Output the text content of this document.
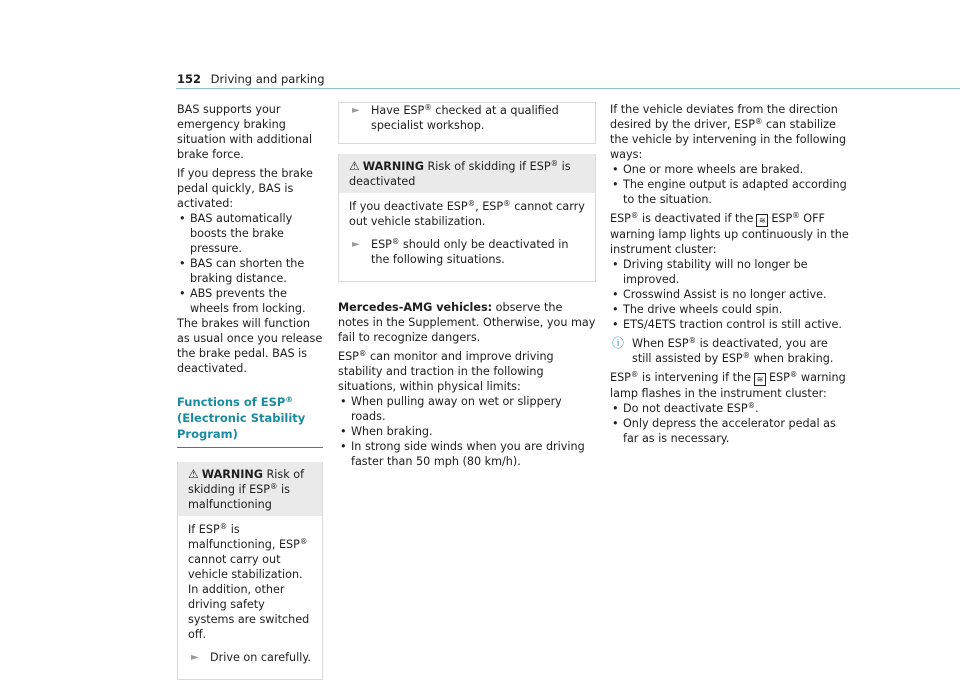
152 Driving and parking

BAS supports your emergency braking situation with additional brake force.

If you depress the brake pedal quickly, BAS is activated:

• BAS automatically boosts the brake pressure.
• BAS can shorten the braking distance.
• ABS prevents the wheels from locking.

The brakes will function as usual once you release the brake pedal. BAS is deactivated.

Functions of ESP® (Electronic Stability Program)
⚠ WARNING Risk of skidding if ESP® is malfunctioning

If ESP® is malfunctioning, ESP® cannot carry out vehicle stabilization. In addition, other driving safety systems are switched off.

► Drive on carefully.
► Have ESP® checked at a qualified specialist workshop.
⚠ WARNING Risk of skidding if ESP® is deactivated

If you deactivate ESP®, ESP® cannot carry out vehicle stabilization.

► ESP® should only be deactivated in the following situations.

Mercedes-AMG vehicles: observe the notes in the Supplement. Otherwise, you may fail to recognize dangers.

ESP® can monitor and improve driving stability and traction in the following situations, within physical limits:

• When pulling away on wet or slippery roads.
• When braking.
• In strong side winds when you are driving faster than 50 mph (80 km/h).

If the vehicle deviates from the direction desired by the driver, ESP® can stabilize the vehicle by intervening in the following ways:

• One or more wheels are braked.
• The engine output is adapted according to the situation.

ESP® is deactivated if the ≋ ESP® OFF warning lamp lights up continuously in the instrument cluster:

• Driving stability will no longer be improved.
• Crosswind Assist is no longer active.
• The drive wheels could spin.
• ETS/4ETS traction control is still active.
ⓘ When ESP® is deactivated, you are still assisted by ESP® when braking.

ESP® is intervening if the ≋ ESP® warning lamp flashes in the instrument cluster:

• Do not deactivate ESP®.
• Only depress the accelerator pedal as far as is necessary.
